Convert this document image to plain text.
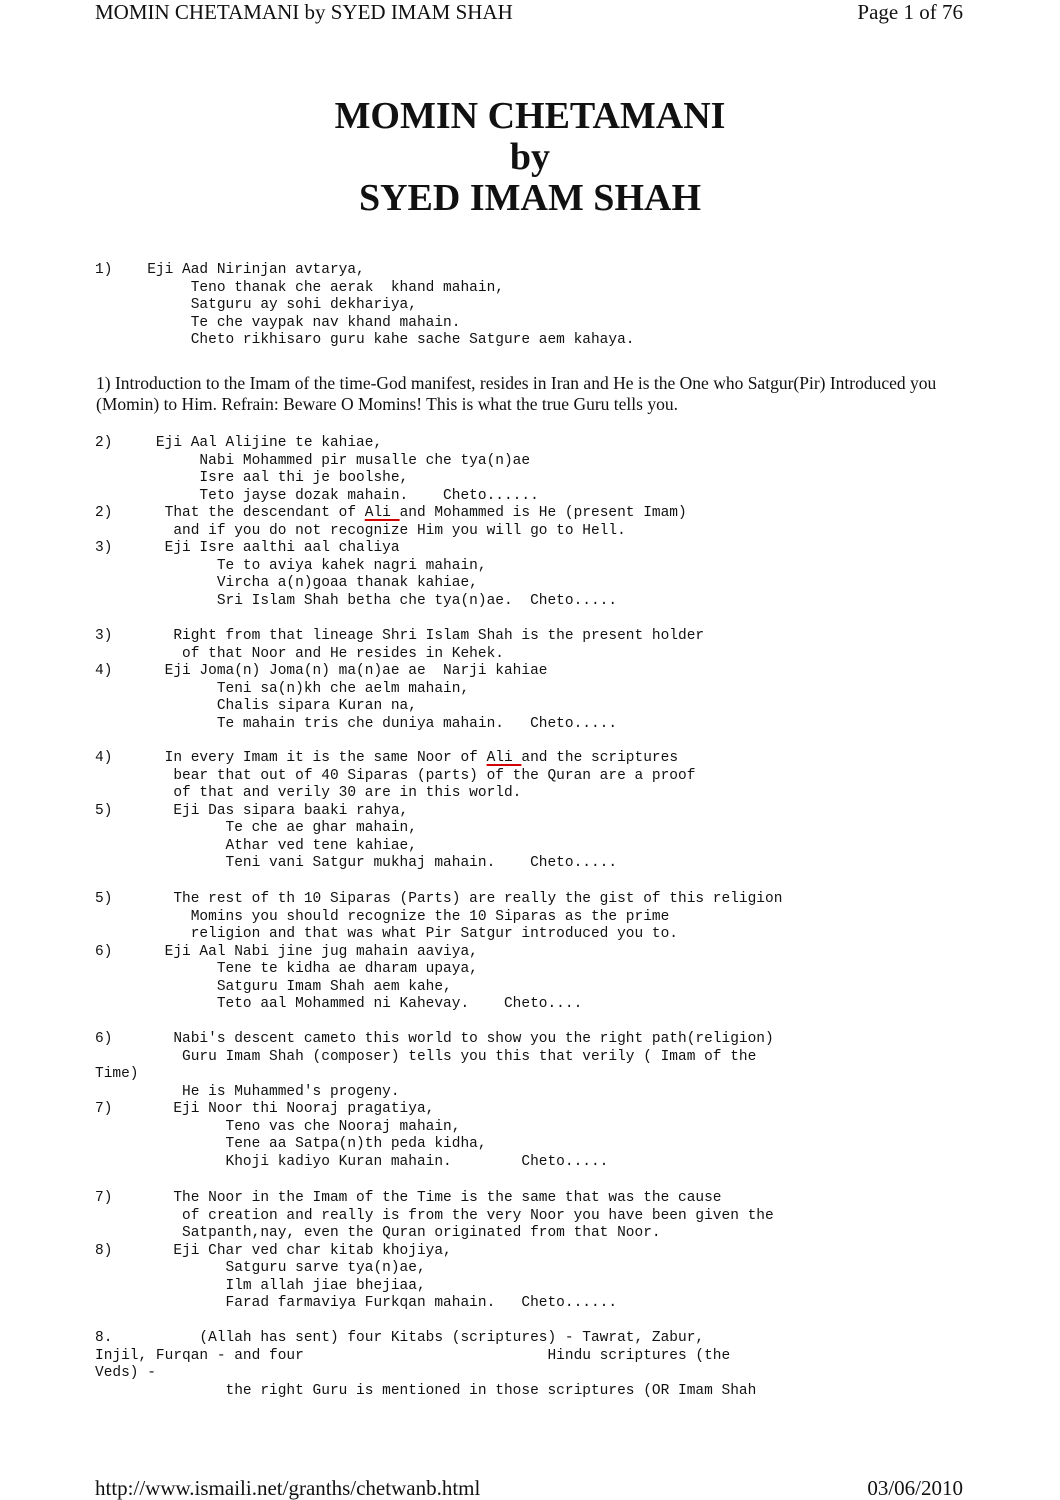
MOMIN CHETAMANI by SYED IMAM SHAH	Page 1 of 76
MOMIN CHETAMANI
by
SYED IMAM SHAH
1)    Eji Aad Nirinjan avtarya,
Teno thanak che aerak  khand mahain,
Satguru ay sohi dekhariya,
Te che vaypak nav khand mahain.
Cheto rikhisaro guru kahe sache Satgure aem kahaya.
1) Introduction to the Imam of the time-God manifest, resides in Iran and He is the One who Satgur(Pir) Introduced you (Momin) to Him. Refrain: Beware O Momins! This is what the true Guru tells you.
2)     Eji Aal Alijine te kahiae,
Nabi Mohammed pir musalle che tya(n)ae
Isre aal thi je boolshe,
Teto jayse dozak mahain.    Cheto......
2)      That the descendant of Ali and Mohammed is He (present Imam)
and if you do not recognize Him you will go to Hell.
3)      Eji Isre aalthi aal chaliya
Te to aviya kahek nagri mahain,
Vircha a(n)goaa thanak kahiae,
Sri Islam Shah betha che tya(n)ae.  Cheto.....
3)       Right from that lineage Shri Islam Shah is the present holder
of that Noor and He resides in Kehek.
4)      Eji Joma(n) Joma(n) ma(n)ae ae  Narji kahiae
Teni sa(n)kh che aelm mahain,
Chalis sipara Kuran na,
Te mahain tris che duniya mahain.   Cheto.....
4)      In every Imam it is the same Noor of Ali and the scriptures
bear that out of 40 Siparas (parts) of the Quran are a proof
of that and verily 30 are in this world.
5)       Eji Das sipara baaki rahya,
Te che ae ghar mahain,
Athar ved tene kahiae,
Teni vani Satgur mukhaj mahain.    Cheto.....
5)       The rest of th 10 Siparas (Parts) are really the gist of this religion
Momins you should recognize the 10 Siparas as the prime
religion and that was what Pir Satgur introduced you to.
6)      Eji Aal Nabi jine jug mahain aaviya,
Tene te kidha ae dharam upaya,
Satguru Imam Shah aem kahe,
Teto aal Mohammed ni Kahevay.    Cheto....
6)       Nabi's descent cameto this world to show you the right path(religion)
Guru Imam Shah (composer) tells you this that verily ( Imam of the
Time)
He is Muhammed's progeny.
7)       Eji Noor thi Nooraj pragatiya,
Teno vas che Nooraj mahain,
Tene aa Satpa(n)th peda kidha,
Khoji kadiyo Kuran mahain.        Cheto.....
7)       The Noor in the Imam of the Time is the same that was the cause
of creation and really is from the very Noor you have been given the
Satpanth,nay, even the Quran originated from that Noor.
8)       Eji Char ved char kitab khojiya,
Satguru sarve tya(n)ae,
Ilm allah jiae bhejiaa,
Farad farmaviya Furkqan mahain.   Cheto......
8.          (Allah has sent) four Kitabs (scriptures) - Tawrat, Zabur,
Injil, Furqan - and four                            Hindu scriptures (the
Veds) -
the right Guru is mentioned in those scriptures (OR Imam Shah
http://www.ismaili.net/granths/chetwanb.html	03/06/2010
